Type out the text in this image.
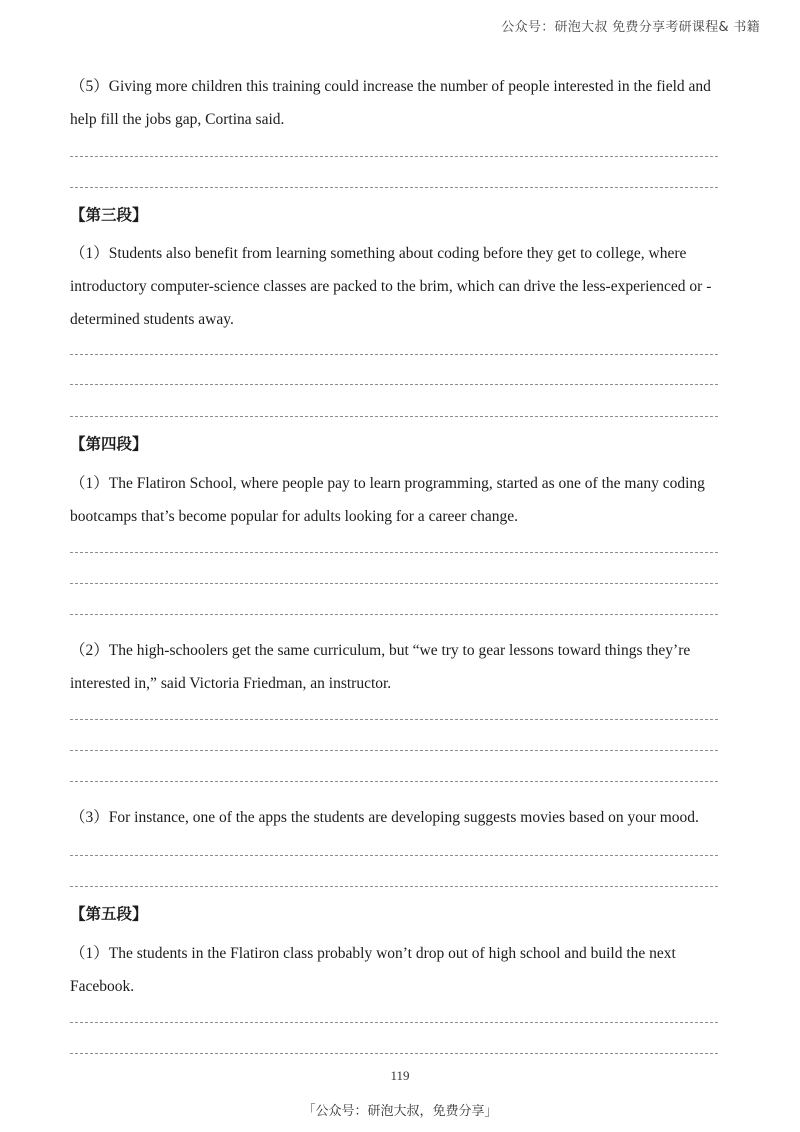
公众号：研泡大叔 免费分享考研课程& 书籍
（5）Giving more children this training could increase the number of people interested in the field and help fill the jobs gap, Cortina said.
【第三段】
（1）Students also benefit from learning something about coding before they get to college, where introductory computer-science classes are packed to the brim, which can drive the less-experienced or -determined students away.
【第四段】
（1）The Flatiron School, where people pay to learn programming, started as one of the many coding bootcamps that’s become popular for adults looking for a career change.
（2）The high-schoolers get the same curriculum, but “we try to gear lessons toward things they’re interested in,” said Victoria Friedman, an instructor.
（3）For instance, one of the apps the students are developing suggests movies based on your mood.
【第五段】
（1）The students in the Flatiron class probably won’t drop out of high school and build the next Facebook.
119
「公众号：研泡大叔，免费分享」
